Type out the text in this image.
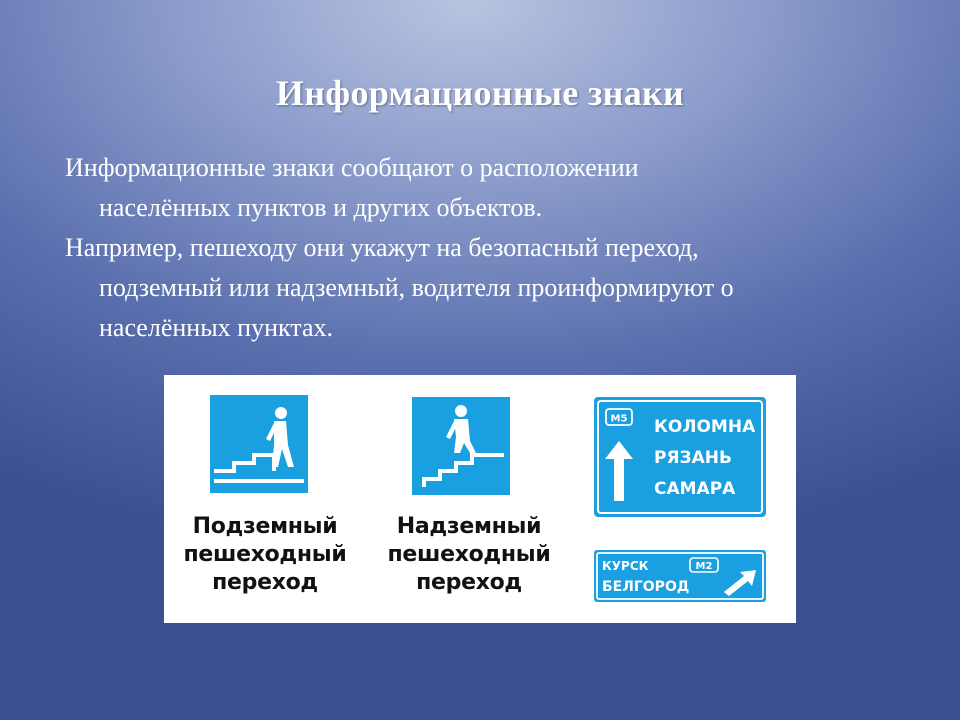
Информационные знаки
Информационные знаки сообщают о расположении
населённых пунктов и других объектов.
Например, пешеходу они укажут на безопасный переход,
подземный или надземный, водителя проинформируют о
населённых пунктах.
Подземный
пешеходный
переход
Надземный
пешеходный
переход
М5 КОЛОМНА
РЯЗАНЬ
САМАРА
КУРСК
БЕЛГОРОД
М2
